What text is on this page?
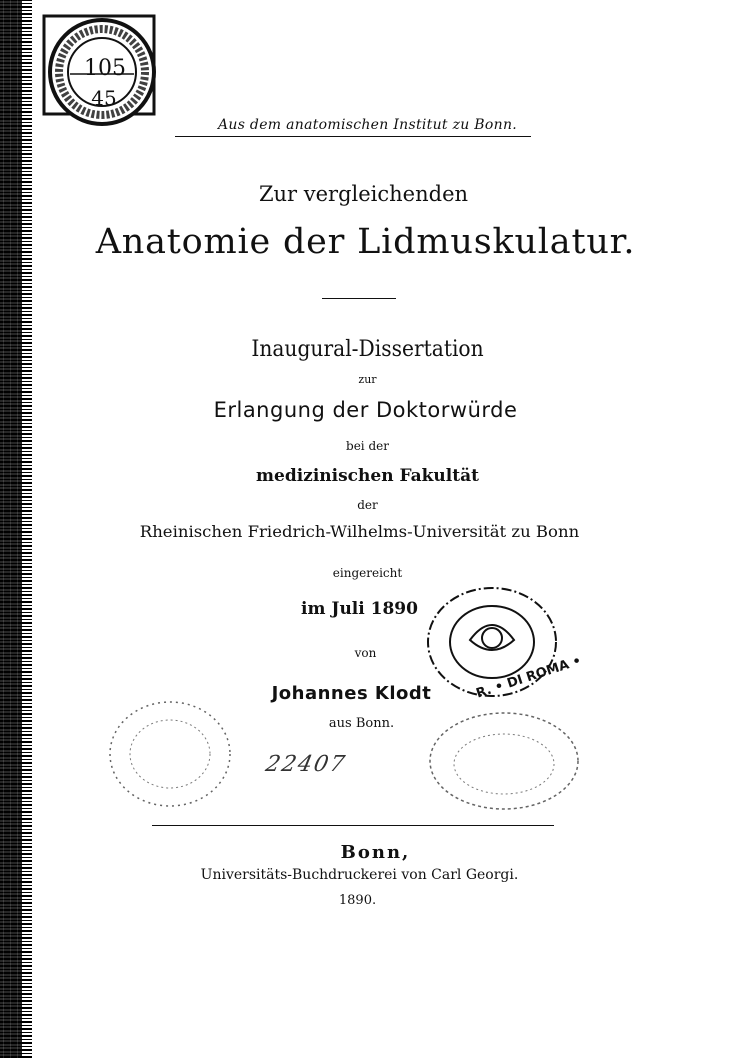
105
45
Aus dem anatomischen Institut zu Bonn.
Zur vergleichenden
Anatomie der Lidmuskulatur.
Inaugural-Dissertation
zur
Erlangung der Doktorwürde
bei der
medizinischen Fakultät
der
Rheinischen Friedrich-Wilhelms-Universität zu Bonn
eingereicht
im Juli 1890
von
Johannes Klodt
aus Bonn.
R. • DI ROMA •
22407
Bonn,
Universitäts-Buchdruckerei von Carl Georgi.
1890.
